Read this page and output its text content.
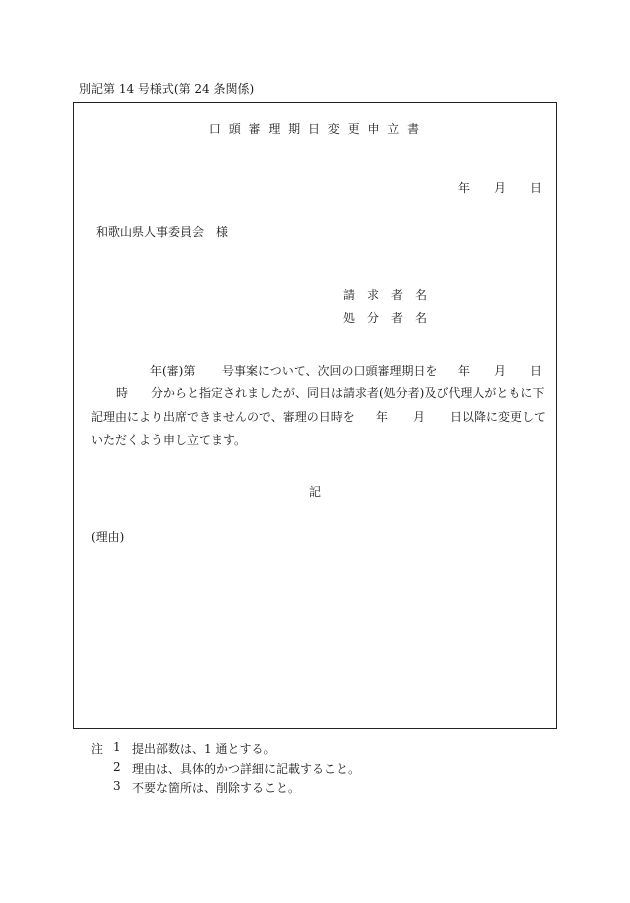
別記第 14 号様式(第 24 条関係)
口 頭 審 理 期 日 変 更 申 立 書
年 月 日
和歌山県人事委員会　様
請　求　者　名
処　分　者　名
年(審)第 号事案について、次回の口頭審理期日を 年 月 日
時 分からと指定されましたが、同日は請求者(処分者)及び代理人がともに下
記理由により出席できませんので、審理の日時を 年 月 日以降に変更して
いただくよう申し立てます。
記
(理由)
注 1 提出部数は、1 通とする。
2 理由は、具体的かつ詳細に記載すること。
3 不要な箇所は、削除すること。
